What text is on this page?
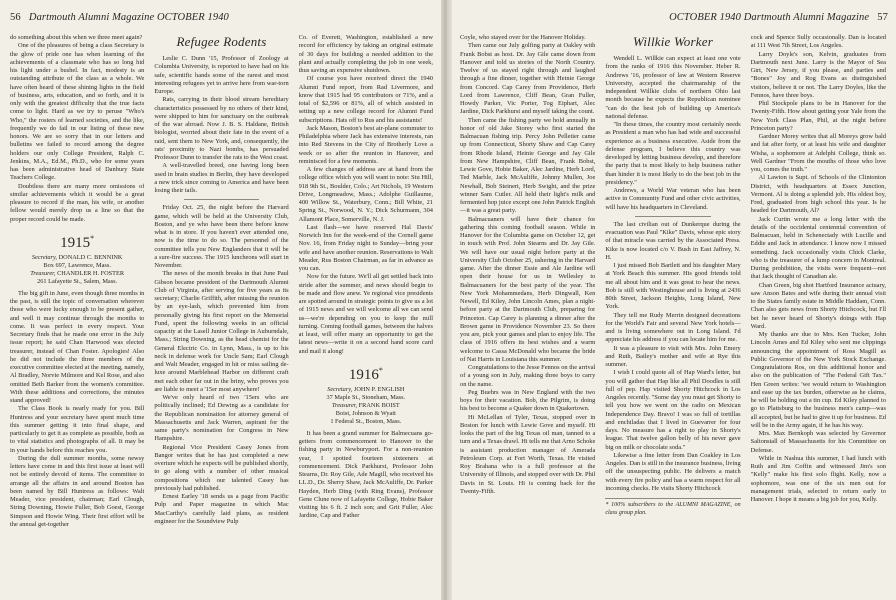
56 Dartmouth Alumni Magazine OCTOBER 1940

do something about this when we three meet again?

One of the pleasures of being a class Secretary is the glow of pride one has when learning of the achievements of a classmate who has so long hid his light under a bushel. In fact, modesty is an outstanding attribute of the class as a whole. We have often heard of these shining lights in the field of business, arts, education, and so forth, and it is only with the greatest difficulty that the true facts come to light. Hard as we try to peruse "Who's Who," the rosters of learned societies, and the like, frequently we do fail in our listing of these new honors. We are so sorry that in our letters and bulletins we failed to record among the degree holders our only College President, Ralph C. Jenkins, M.A., Ed.M., Ph.D., who for some years has been administrative head of Danbury State Teachers College.

Doubtless there are many more omissions of similar achievements which it would be a great pleasure to record if the man, his wife, or another fellow would merely drop us a line so that the proper record could be made.

1915*
Secretary, DONALD C. BENNINK
Box 697, Lawrence, Mass.
Treasurer, CHANDLER H. FOSTER
261 Lafayette St., Salem, Mass.

The big gift in June, even though three months in the past, is still the topic of conversation wherever those who were lucky enough to be present gather, and well it may continue through the months to come. It was perfect in every respect. Your Secretary finds that he made one error in the July issue report; he said Chan Harwood was elected treasurer, instead of Chan Foster. Apologies! Also he did not include the three members of the executive committee elected at the meeting, namely, Al Bradley, Norvie Milmore and Kel Rose, and also omitted Beth Barker from the women's committee. With these additions and corrections, the minutes stand approved!

The Class Book is nearly ready for you. Bill Huntress and your secretary have spent much time this summer getting it into final shape, and particularly to get it as complete as possible, both as to vital statistics and photographs of all. It may be in your hands before this reaches you.

During the dull summer months, some newsy letters have come in and this first issue at least will not be entirely devoid of items. The committee to arrange all the affairs in and around Boston has been named by Bill Huntress as follows: Walt Meader, vice president, chairman; Earl Clough, String Downing, Howie Fuller, Bob Goest, George Simpson and Howie Wing. Their first effort will be the annual get-together

Refugee Rodents

Leslie C. Dunn '15, Professor of Zoology at Columbia University, is reported to have had on his safe, scientific hands some of the rarest and most interesting refugees yet to arrive here from war-torn Europe.

Rats, carrying in their blood stream hereditary characteristics possessed by no others of their kind, were shipped to him for sanctuary on the outbreak of the war abroad. Now J. B. S. Haldane, British biologist, worried about their fate in the event of a raid, sent them to New York, and, consequently, the rats' proximity to Nazi bombs, has persuaded Professor Dunn to transfer the rats to the West coast.

A well-travelled breed, one having long been used in brain studies in Berlin, they have developed a new trick since coming to America and have been losing their tails.

Friday Oct. 25, the night before the Harvard game, which will be held at the University Club, Boston, and ye who have been there before know what is in store. If you haven't ever attended one, now is the time to do so. The personnel of the committee tells you New Englanders that it will be a sure-fire success. The 1915 luncheons will start in November.

The news of the month breaks in that June Paul Gibson became president of the Dartmouth Alumni Club of Virginia, after serving for five years as its secretary; Charlie Griffith, after missing the reunion by an eye-lash, which prevented him from personally giving his first report on the Memorial Fund, spent the following weeks in an official capacity at the Lasell Junior College in Auburndale, Mass.; String Downing, as the head chemist for the General Electric Co. in Lynn, Mass., is up to his neck in defense work for Uncle Sam; Earl Clough and Walt Meader, engaged in hit or miss sailing de-luxe around Marblehead Harbor on different craft met each other far out in the briny, who proves you are liable to meet a '15er most anywhere!

We've only heard of two '15ers who are politically inclined; Ed Dewing as a candidate for the Republican nomination for attorney general of Massachusetts and Jack Warren, aspirant for the same party's nomination for Congress in New Hampshire.

Regional Vice President Casey Jones from Bangor writes that he has just completed a new overture which he expects will be published shortly, to go along with a number of other musical compositions which our talented Casey has previously had published.

Ernest Earley '18 sends us a page from Pacific Pulp and Paper magazine in which Mac MacCarthy's carefully laid plans, as resident engineer for the Soundview Pulp

Co. of Everett, Washington, established a new record for efficiency by taking an original estimate of 30 days for building a needed addition to the plant and actually completing the job in one week, thus saving an expensive shutdown.

Of course you have received direct the 1940 Alumni Fund report, from Rad Livermore, and know that 1915 had 95 contributors or 71%, and a total of $2,596 or 81%, all of which assisted in setting up a new college record for Alumni Fund subscriptions. Hats off to Rus and his assistants!

Jack Mason, Boston's best air-plane commuter to Philadelphia where Jack has extensive interests, ran into Red Stevens in the City of Brotherly Love a week or so after the reunion in Hanover, and reminisced for a few moments.

A few changes of address are at hand from the college office which you will want to note: Stu Hill, 918 9th St., Boulder, Colo.; Art Nichols, 19 Western Drive, Longmeadow, Mass.; Adolphe Guillaume, 400 Willow St., Waterbury, Conn.; Bill White, 21 Spring St., Norwood, N. Y.; Dick Schurmann, 304 Allamont Place, Somerville, N. J.

Last flash—we have reserved Hal Davis' Norwich Inn for the week-end of the Cornell game Nov. 16, from Friday night to Sunday—bring your wife and have another reunion. Reservations to Walt Meader, Rus Boston Chairman, as far in advance as you can.

Now for the future. We'll all get settled back into stride after the summer, and news should begin to be made and flow anew. Ye regional vice presidents are spotted around in strategic points to give us a lot of 1915 news and we will welcome all we can send us—we're depending on you to keep the mill turning. Coming football games, between the halves at least, will offer many an opportunity to get the latest news—write it on a second hand score card and mail it along!

1916*
Secretary, JOHN P. ENGLISH
37 Maple St., Stoneham, Mass.
Treasurer, FRANK BOIST
Boist, Johnson & Wyatt
1 Federal St., Boston, Mass.

It has been a grand summer for Balmecuans go-getters from commencement to Hanover to the fishing party in Newburyport. For a non-reunion year, I spotted fourteen sixteeners at commencement. Dick Parkhurst, Professor John Stearns, Dr. Roy Gile, Ade Magill, who received his LL.D., Dr. Sherry Shaw, Jack McAuliffe, Dr. Parker Hayden, Herb Ding (with Ring Evans), Professor Gene Clune now of Lafayette College, Hobie Baker visiting his 6 ft. 2 inch son; and Grit Fuller, Alec Jardine, Cap and Father

OCTOBER 1940 Dartmouth Alumni Magazine 57

Coyle, who stayed over for the Hanover Holiday.

Then came our July golfing party at Oakley with Frank Bobst as host. Dr. Jay Gile came down from Hanover and told us stories of the North Country. Twelve of us stayed right through and laughed through a fine dinner, together with Heinie George from Concord. Cap Carey from Providence, Herb Lord from Lawrence, Cliff Bean, Gran Fuller, Howdy Parker, Vic Porter, Tog Eiphart, Alec Jardine, Dick Parkhurst and myself taking the count.

Then came the fishing party we hold annually in honor of old Jake Storey who first started the Balmacuan fishing trip. Percy John Pelletier came up from Connecticut, Shorty Shaw and Cap Carey from Rhode Island, Heinie George and Jay Gile from New Hampshire, Cliff Bean, Frank Bobst, Lewie Gove, Hobie Baker, Alec Jardine, Herb Lord, Ted Marble, Jack McAuliffe, Johnny Mullen, Joe Newhall, Bob Steinert, Herb Swight, and the prize winner Sam Cutler. All held their light's milk and fermented hop juice except one John Patrick English—it was a great party.

Balmacuaners will have their chance for gathering this coming football season. While in Hanover for the Columbia game on October 12, get in touch with Prof. John Stearns and Dr. Jay Gile. We will have our usual night before party at the University Club October 25, ushering in the Harvard game. After the dinner Essie and Ale Jardine will open their house for us in Wellesley to Balmacuaners for the best party of the year. The New York Mohammedans, Herb Dingwall, Ken Newell, Ed Kiley, John Lincoln Ames, plan a night-before party at the Dartmouth Club, preparing for Princeton. Cap Carey is planning a dinner after the Brown game in Providence November 23. So there you are, pick your games and plan to enjoy life. The class of 1916 offers its best wishes and a warm welcome to Cassa McDonald who became the bride of Nat Harris in Louisiana this summer.

Congratulations to the Jesse Fennos on the arrival of a young son in July, making three boys to carry on the name.

Peg Buehrs was in New England with the two boys for their vacation. Bob, the Pilgrim, is doing his best to become a Quaker down in Quakertown.

Hi McLellan of Tyler, Texas, stopped over in Boston for lunch with Lewie Gove and myself. Hi looks the part of the big Texas oil man, tanned to a turn and a Texas drawl. Hi tells me that Arno Schoke is assistant production manager of Amerada Petroleum Corp. at Fort Worth, Texas. He visited Roy Brahana who is a full professor at the University of Illinois, and stopped over with Dr. Phil Davis in St. Louis. Hi is coming back for the Twenty-Fifth.

Willkie Worker

Wendell L. Willkie can expect at least one vote from the ranks of 1916 this November. Heber R. Andrews '16, professor of law at Western Reserve University, accepted the chairmanship of the independent Willkie clubs of northern Ohio last month because he expects the Republican nominee "can do the best job of building up America's national defense.

"In these times, the country most certainly needs as President a man who has had wide and successful experience as a business executive. Aside from the defense program, I believe this country was developed by letting business develop, and therefore the party that is most likely to help business rather than hinder it is most likely to do the best job in the presidency."

Andrews, a World War veteran who has been active in Community Fund and other civic activities, will have his headquarters in Cleveland.

The last civilian out of Dunkerque during the evacuation was Paul "Kike" Davis, whose epic story of that miracle was carried by the Associated Press. Kike is now located c/o V. Bush in East Jaffrey, N. H.

I just missed Bob Bartlett and his daughter Mary at York Beach this summer. His good friends told me all about him and it was great to hear the news. Bob is still with Westinghouse and is living at 2436 80th Street, Jackson Heights, Long Island, New York.

They tell me Rudy Merrin designed decorations for the World's Fair and several New York hotels—and is living somewhere out in Long Island. I'd appreciate his address if you can locate him for me.

It was a pleasure to visit with Mrs. John Emery and Ruth, Bailey's mother and wife at Rye this summer.

I wish I could quote all of Hap Ward's letter, but you will gather that Hap like all Phil Doodles is still full of pep. Hap visited Shorty Hitchcock in Los Angeles recently. "Some day you must get Shorty to tell you how we went on the radio on Mexican Independence Day. Bravo! I was so full of tortillas and enchiladas that I lived in Guevarrer for four days. No measure has a right to play in Shorty's league. That twelve gallon belly of his never gave big on milk or chocolate soda."

Likewise a fine letter from Dan Coakley in Los Angeles. Dan is still in the insurance business, living off the unsuspecting public. He delivers a match with every fire policy and has a warm respect for all incoming checks. He visits Shorty Hitchcock

* 100% subscribers to the ALUMNI MAGAZINE, on class group plan.

cock and Spence Sully occasionally. Dan is located at 111 West 7th Street, Los Angeles.

Larry Doyle's son, Kelvin, graduates from Dartmouth next June. Larry is the Mayor of Sea Girt, New Jersey, if you please, and parties and "Bones" Joy and Rog Evans as distinguished visitors, believe it or not. The Larry Doyles, like the Fennos, have three boys.

Phil Stockpole plans to be in Hanover for the Twenty-Fifth. How about getting your Yale from the New York Class Plan, Phil, at the night before Princeton party?

Gardner Morey writes that all Moreys grow bald and fat after forty, or at least his wife and daughter Wisha, a sophomore at Adelphi College, think so. Well Gardner "From the mouths of those who love you, comes the truth."

Al Lawton is Supt. of Schools of the Clintonton District, with headquarters at Essex Junction, Vermont. Al is doing a splendid job. His oldest boy, Fred, graduated from high school this year. Is he headed for Dartmouth, Al?

Jack Curtin wrote me a long letter with the details of the occidental centennial convention of Balmacuan, held in Schenectady with Lucille and Eddie and Jack in attendance. I know now I missed something. Jack occasionally visits Chick Clarke, who is the treasurer of a lump concern in Montreal. During prohibition, the visits were frequent—not that Jack thought of Canadian ale.

Chan Green, big shot Hartford Insurance actuary, saw Anson Bates and wife during their annual visit to the States family estate in Middle Haddam, Conn. Chan also gets news from Shorty Hitchcock, but I'll bet he never heard of Shorty's doings with Hap Ward.

My thanks are due to Mrs. Ken Tucker, John Lincoln Ames and Ed Kiley who sent me clippings announcing the appointment of Ross Magill as Public Governor of the New York Stock Exchange. Congratulations Ros, on this additional honor and also on the publication of "The Federal Gift Tax." Hen Green writes: 'we would return to Washington and ease up the tax burden, otherwise as he claims, he will be holding out a tin cup. Ed Kiley planned to go to Plattsburg to the business men's camp—was all accepted, but he had to give it up for business. Ed will be in the Army again, if he has his way.

Mrs. Max Bernkoph was selected by Governor Saltonstall of Massachusetts for his Committee on Defense.

While in Nashua this summer, I had lunch with Ruth and Jim Coffin and witnessed Jim's son "Kelly" make his first solo flight. Kelly, now a sophomore, was one of the six men out for management trials, selected to return early to Hanover. I hope it means a big job for you, Kelly.
